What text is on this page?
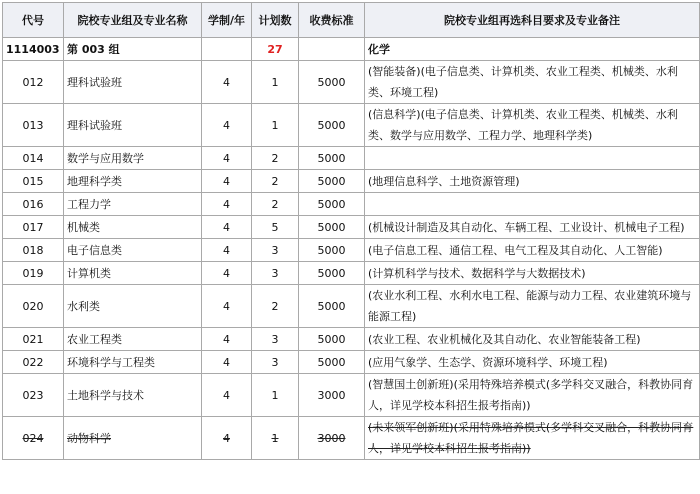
代号	院校专业组及专业名称	学制/年	计划数	收费标准	院校专业组再选科目要求及专业备注
1114003	第 003 组		27		化学
012	理科试验班	4	1	5000	(智能装备)(电子信息类、计算机类、农业工程类、机械类、水利类、环境工程)
013	理科试验班	4	1	5000	(信息科学)(电子信息类、计算机类、农业工程类、机械类、水利类、数学与应用数学、工程力学、地理科学类)
014	数学与应用数学	4	2	5000	
015	地理科学类	4	2	5000	(地理信息科学、土地资源管理)
016	工程力学	4	2	5000	
017	机械类	4	5	5000	(机械设计制造及其自动化、车辆工程、工业设计、机械电子工程)
018	电子信息类	4	3	5000	(电子信息工程、通信工程、电气工程及其自动化、人工智能)
019	计算机类	4	3	5000	(计算机科学与技术、数据科学与大数据技术)
020	水利类	4	2	5000	(农业水利工程、水利水电工程、能源与动力工程、农业建筑环境与能源工程)
021	农业工程类	4	3	5000	(农业工程、农业机械化及其自动化、农业智能装备工程)
022	环境科学与工程类	4	3	5000	(应用气象学、生态学、资源环境科学、环境工程)
023	土地科学与技术	4	1	3000	(智慧国土创新班)(采用特殊培养模式(多学科交叉融合，科教协同育人，详见学校本科招生报考指南))
024	动物科学	4	1	3000	(未来领军创新班)(采用特殊培养模式(多学科交叉融合，科教协同育人，详见学校本科招生报考指南))
